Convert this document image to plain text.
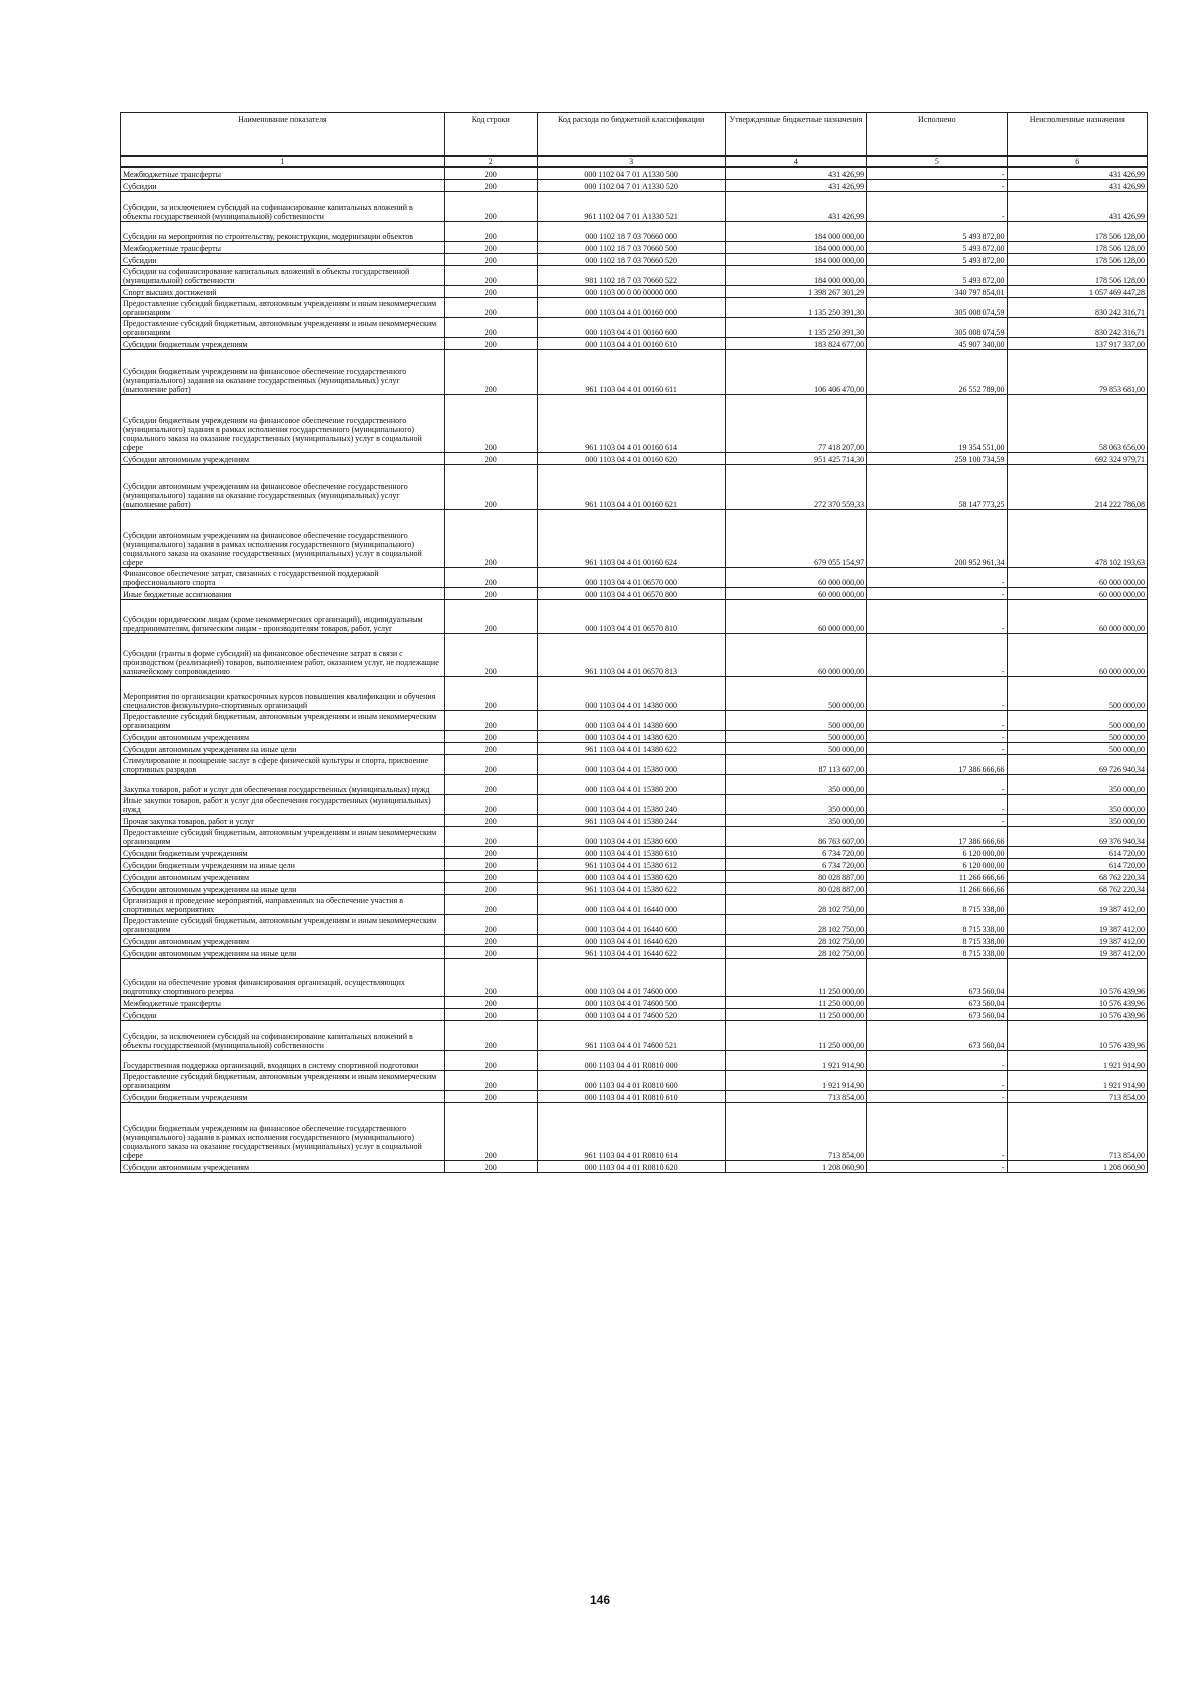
Наименование показателя	Код строки	Код расхода по бюджетной классификации	Утвержденные бюджетные назначения	Исполнено	Неисполненные назначения
1	2	3	4	5	6
Межбюджетные трансферты	200	000 1102 04 7 01 А1330 500	431 426,99	-	431 426,99
Субсидии	200	000 1102 04 7 01 А1330 520	431 426,99	-	431 426,99
Субсидии, за исключением субсидий на софинансирование капитальных вложений в объекты государственной (муниципальной) собственности	200	961 1102 04 7 01 А1330 521	431 426,99	-	431 426,99
Субсидии на мероприятия по строительству, реконструкции, модернизации объектов	200	000 1102 18 7 03 70660 000	184 000 000,00	5 493 872,00	178 506 128,00
Межбюджетные трансферты	200	000 1102 18 7 03 70660 500	184 000 000,00	5 493 872,00	178 506 128,00
Субсидии	200	000 1102 18 7 03 70660 520	184 000 000,00	5 493 872,00	178 506 128,00
Субсидии на софинансирование капитальных вложений в объекты государственной (муниципальной) собственности	200	981 1102 18 7 03 70660 522	184 000 000,00	5 493 872,00	178 506 128,00
Спорт высших достижений	200	000 1103 00 0 00 00000 000	1 398 267 301,29	340 797 854,01	1 057 469 447,28
Предоставление субсидий бюджетным, автономным учреждениям и иным некоммерческим организациям	200	000 1103 04 4 01 00160 000	1 135 250 391,30	305 008 074,59	830 242 316,71
Предоставление субсидий бюджетным, автономным учреждениям и иным некоммерческим организациям	200	000 1103 04 4 01 00160 600	1 135 250 391,30	305 008 074,59	830 242 316,71
Субсидии бюджетным учреждениям	200	000 1103 04 4 01 00160 610	183 824 677,00	45 907 340,00	137 917 337,00
Субсидии бюджетным учреждениям на финансовое обеспечение государственного (муниципального) задания на оказание государственных (муниципальных) услуг (выполнение работ)	200	961 1103 04 4 01 00160 611	106 406 470,00	26 552 789,00	79 853 681,00
Субсидии бюджетным учреждениям на финансовое обеспечение государственного (муниципального) задания в рамках исполнения государственного (муниципального) социального заказа на оказание государственных (муниципальных) услуг в социальной сфере	200	961 1103 04 4 01 00160 614	77 418 207,00	19 354 551,00	58 063 656,00
Субсидии автономным учреждениям	200	000 1103 04 4 01 00160 620	951 425 714,30	259 100 734,59	692 324 979,71
Субсидии автономным учреждениям на финансовое обеспечение государственного (муниципального) задания на оказание государственных (муниципальных) услуг (выполнение работ)	200	961 1103 04 4 01 00160 621	272 370 559,33	58 147 773,25	214 222 786,08
Субсидии автономным учреждениям на финансовое обеспечение государственного (муниципального) задания в рамках исполнения государственного (муниципального) социального заказа на оказание государственных (муниципальных) услуг в социальной сфере	200	961 1103 04 4 01 00160 624	679 055 154,97	200 952 961,34	478 102 193,63
Финансовое обеспечение затрат, связанных с государственной поддержкой профессионального спорта	200	000 1103 04 4 01 06570 000	60 000 000,00	-	60 000 000,00
Иные бюджетные ассигнования	200	000 1103 04 4 01 06570 800	60 000 000,00	-	60 000 000,00
Субсидии юридическим лицам (кроме некоммерческих организаций), индивидуальным предпринимателям, физическим лицам - производителям товаров, работ, услуг	200	000 1103 04 4 01 06570 810	60 000 000,00	-	60 000 000,00
Субсидии (гранты в форме субсидий) на финансовое обеспечение затрат в связи с производством (реализацией) товаров, выполнением работ, оказанием услуг, не подлежащие казначейскому сопровождению	200	961 1103 04 4 01 06570 813	60 000 000,00	-	60 000 000,00
Мероприятия по организации краткосрочных курсов повышения квалификации и обучения специалистов физкультурно-спортивных организаций	200	000 1103 04 4 01 14380 000	500 000,00	-	500 000,00
Предоставление субсидий бюджетным, автономным учреждениям и иным некоммерческим организациям	200	000 1103 04 4 01 14380 600	500 000,00	-	500 000,00
Субсидии автономным учреждениям	200	000 1103 04 4 01 14380 620	500 000,00	-	500 000,00
Субсидии автономным учреждениям на иные цели	200	961 1103 04 4 01 14380 622	500 000,00	-	500 000,00
Стимулирование и поощрение заслуг в сфере физической культуры и спорта, присвоение спортивных разрядов	200	000 1103 04 4 01 15380 000	87 113 607,00	17 386 666,66	69 726 940,34
Закупка товаров, работ и услуг для обеспечения государственных (муниципальных) нужд	200	000 1103 04 4 01 15380 200	350 000,00	-	350 000,00
Иные закупки товаров, работ и услуг для обеспечения государственных (муниципальных) нужд	200	000 1103 04 4 01 15380 240	350 000,00	-	350 000,00
Прочая закупка товаров, работ и услуг	200	961 1103 04 4 01 15380 244	350 000,00	-	350 000,00
Предоставление субсидий бюджетным, автономным учреждениям и иным некоммерческим организациям	200	000 1103 04 4 01 15380 600	86 763 607,00	17 386 666,66	69 376 940,34
Субсидии бюджетным учреждениям	200	000 1103 04 4 01 15380 610	6 734 720,00	6 120 000,00	614 720,00
Субсидии бюджетным учреждениям на иные цели	200	961 1103 04 4 01 15380 612	6 734 720,00	6 120 000,00	614 720,00
Субсидии автономным учреждениям	200	000 1103 04 4 01 15380 620	80 028 887,00	11 266 666,66	68 762 220,34
Субсидии автономным учреждениям на иные цели	200	961 1103 04 4 01 15380 622	80 028 887,00	11 266 666,66	68 762 220,34
Организация и проведение мероприятий, направленных на обеспечение участия в спортивных мероприятиях	200	000 1103 04 4 01 16440 000	28 102 750,00	8 715 338,00	19 387 412,00
Предоставление субсидий бюджетным, автономным учреждениям и иным некоммерческим организациям	200	000 1103 04 4 01 16440 600	28 102 750,00	8 715 338,00	19 387 412,00
Субсидии автономным учреждениям	200	000 1103 04 4 01 16440 620	28 102 750,00	8 715 338,00	19 387 412,00
Субсидии автономным учреждениям на иные цели	200	961 1103 04 4 01 16440 622	28 102 750,00	8 715 338,00	19 387 412,00
Субсидии на обеспечение уровня финансирования организаций, осуществляющих подготовку спортивного резерва	200	000 1103 04 4 01 74600 000	11 250 000,00	673 560,04	10 576 439,96
Межбюджетные трансферты	200	000 1103 04 4 01 74600 500	11 250 000,00	673 560,04	10 576 439,96
Субсидии	200	000 1103 04 4 01 74600 520	11 250 000,00	673 560,04	10 576 439,96
Субсидии, за исключением субсидий на софинансирование капитальных вложений в объекты государственной (муниципальной) собственности	200	961 1103 04 4 01 74600 521	11 250 000,00	673 560,04	10 576 439,96
Государственная поддержка организаций, входящих в систему спортивной подготовки	200	000 1103 04 4 01 R0810 000	1 921 914,90	-	1 921 914,90
Предоставление субсидий бюджетным, автономным учреждениям и иным некоммерческим организациям	200	000 1103 04 4 01 R0810 600	1 921 914,90	-	1 921 914,90
Субсидии бюджетным учреждениям	200	000 1103 04 4 01 R0810 610	713 854,00	-	713 854,00
Субсидии бюджетным учреждениям на финансовое обеспечение государственного (муниципального) задания в рамках исполнения государственного (муниципального) социального заказа на оказание государственных (муниципальных) услуг в социальной сфере	200	961 1103 04 4 01 R0810 614	713 854,00	-	713 854,00
Субсидии автономным учреждениям	200	000 1103 04 4 01 R0810 620	1 208 060,90	-	1 208 060,90
146
